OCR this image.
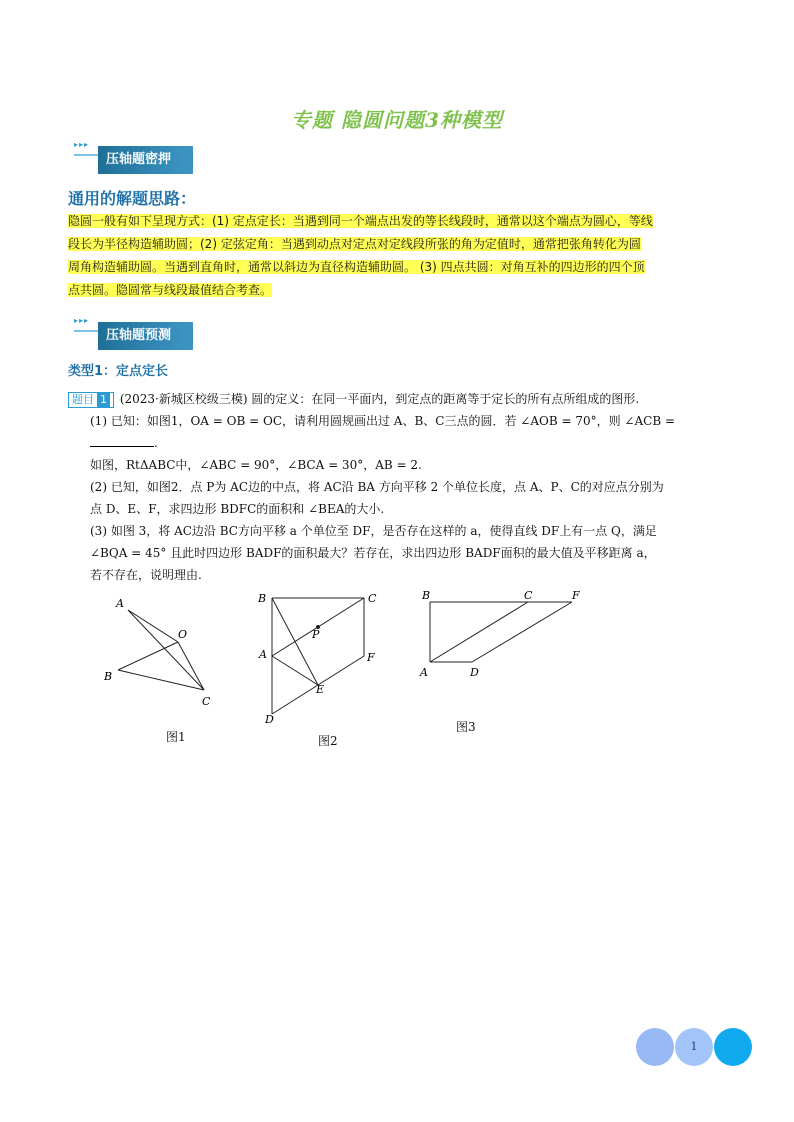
专题 隐圆问题3种模型
▸▸▸
压轴题密押
通用的解题思路：
隐圆一般有如下呈现方式：(1) 定点定长：当遇到同一个端点出发的等长线段时，通常以这个端点为圆心，等线
段长为半径构造辅助圆；(2) 定弦定角：当遇到动点对定点对定线段所张的角为定值时，通常把张角转化为圆
周角构造辅助圆。当遇到直角时，通常以斜边为直径构造辅助圆。 (3) 四点共圆：对角互补的四边形的四个顶
点共圆。隐圆常与线段最值结合考查。
▸▸▸
压轴题预测
类型1：定点定长
题目 1 (2023·新城区校级三模) 圆的定义：在同一平面内，到定点的距离等于定长的所有点所组成的图形.
(1) 已知：如图1，OA = OB = OC，请利用圆规画出过 A、B、C三点的圆．若 ∠AOB = 70°，则 ∠ACB =
.
如图，RtΔABC中，∠ABC = 90°，∠BCA = 30°，AB = 2.
(2) 已知，如图2．点 P为 AC边的中点，将 AC沿 BA 方向平移 2 个单位长度，点 A、P、C的对应点分别为
点 D、E、F，求四边形 BDFC的面积和 ∠BEA的大小.
(3) 如图 3，将 AC边沿 BC方向平移 a 个单位至 DF，是否存在这样的 a，使得直线 DF上有一点 Q，满足
∠BQA = 45° 且此时四边形 BADF的面积最大？若存在，求出四边形 BADF面积的最大值及平移距离 a，
若不存在，说明理由.
A
O
B
C
图1
B	C
P
A	F
E
D
图2
B	C	F
A	D
图3
1
